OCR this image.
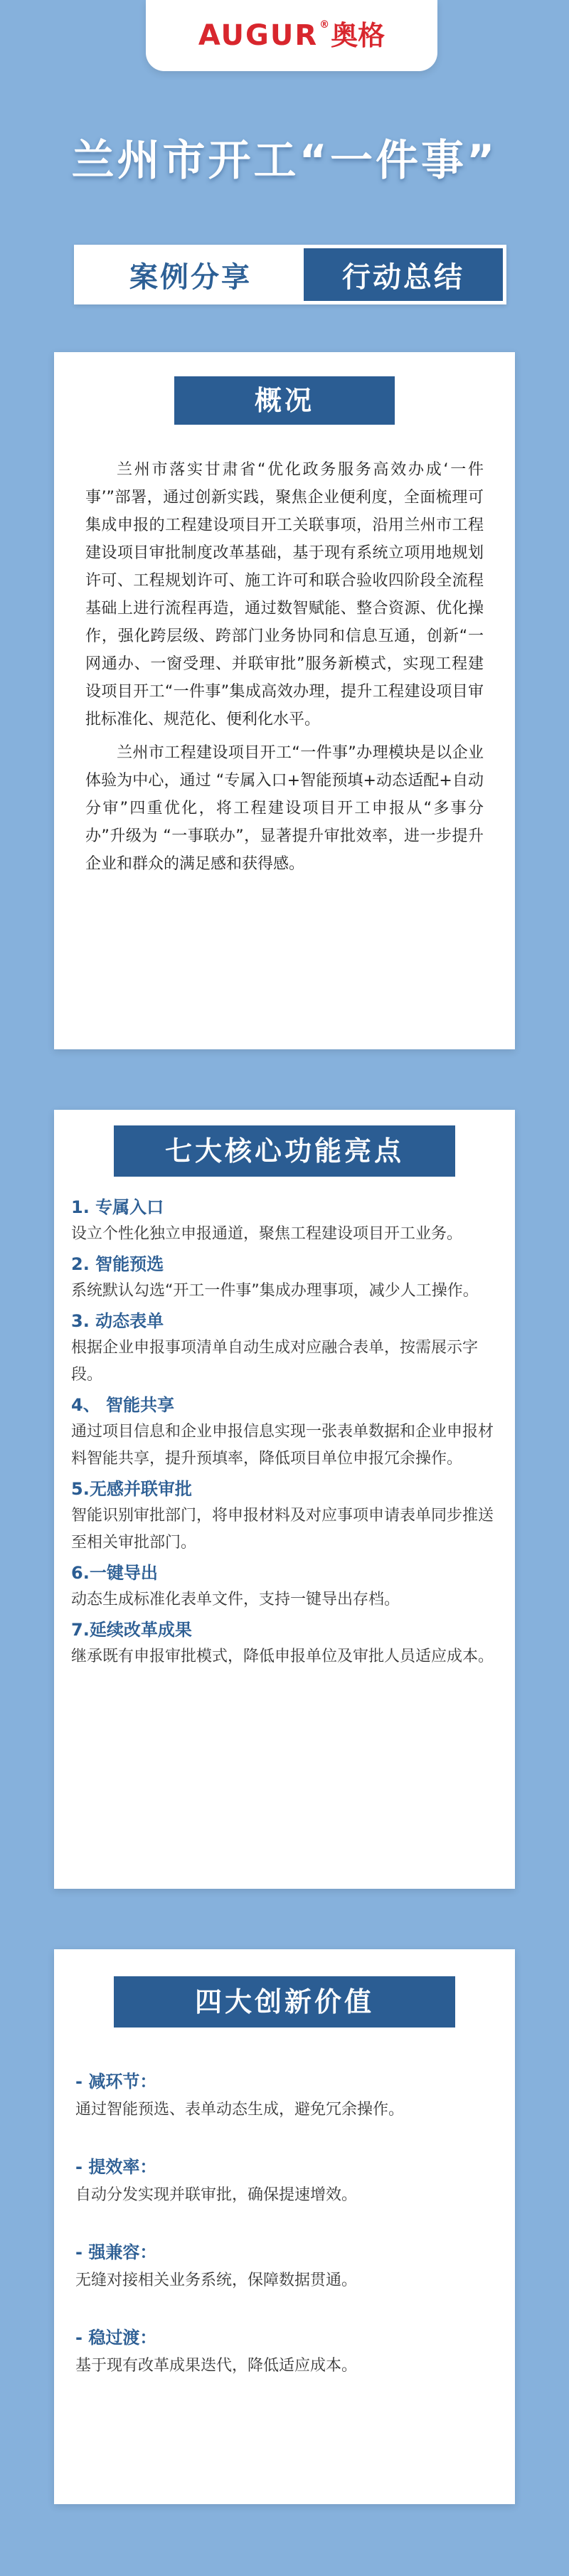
AUGUR ® 奥格
兰州市开工“一件事”
案例分享	行动总结
概况

兰州市落实甘肃省“优化政务服务高效办成‘一件事’”部署，通过创新实践，聚焦企业便利度，全面梳理可集成申报的工程建设项目开工关联事项，沿用兰州市工程建设项目审批制度改革基础，基于现有系统立项用地规划许可、工程规划许可、施工许可和联合验收四阶段全流程基础上进行流程再造，通过数智赋能、整合资源、优化操作，强化跨层级、跨部门业务协同和信息互通，创新“一网通办、一窗受理、并联审批”服务新模式，实现工程建设项目开工“一件事”集成高效办理，提升工程建设项目审批标准化、规范化、便利化水平。

兰州市工程建设项目开工“一件事”办理模块是以企业体验为中心，通过 “专属入口+智能预填+动态适配+自动分审”四重优化，将工程建设项目开工申报从“多事分办”升级为 “一事联办”，显著提升审批效率，进一步提升企业和群众的满足感和获得感。

七大核心功能亮点

1. 专属入口

设立个性化独立申报通道，聚焦工程建设项目开工业务。

2. 智能预选

系统默认勾选“开工一件事”集成办理事项，减少人工操作。

3. 动态表单

根据企业申报事项清单自动生成对应融合表单，按需展示字段。

4、 智能共享

通过项目信息和企业申报信息实现一张表单数据和企业申报材料智能共享，提升预填率，降低项目单位申报冗余操作。

5.无感并联审批

智能识别审批部门，将申报材料及对应事项申请表单同步推送至相关审批部门。

6.一键导出

动态生成标准化表单文件，支持一键导出存档。

7.延续改革成果

继承既有申报审批模式，降低申报单位及审批人员适应成本。

四大创新价值

- 减环节：

通过智能预选、表单动态生成，避免冗余操作。

- 提效率：

自动分发实现并联审批，确保提速增效。

- 强兼容：

无缝对接相关业务系统，保障数据贯通。

- 稳过渡：

基于现有改革成果迭代，降低适应成本。
